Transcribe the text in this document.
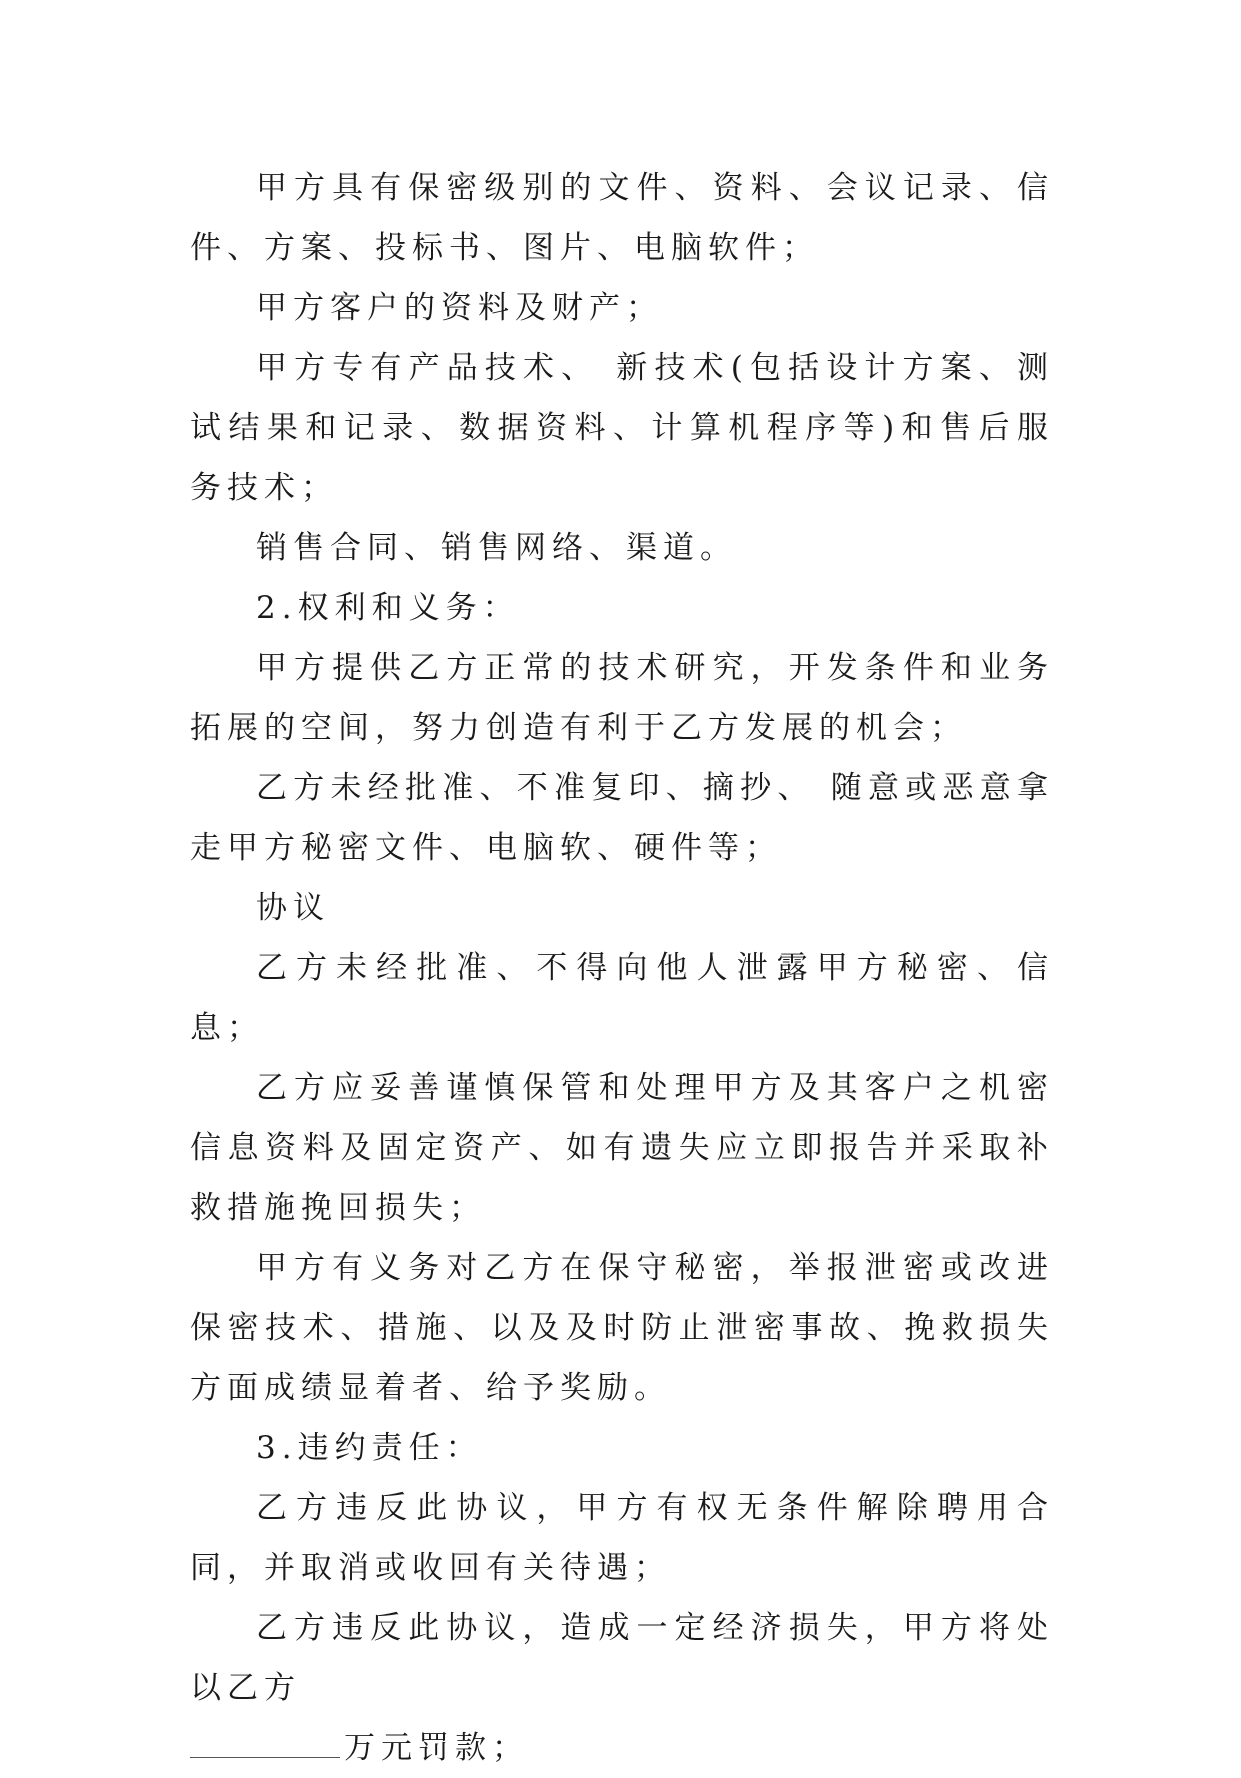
甲方具有保密级别的文件、资料、会议记录、信件、方案、投标书、图片、电脑软件；

甲方客户的资料及财产；

甲方专有产品技术、 新技术(包括设计方案、测试结果和记录、数据资料、计算机程序等)和售后服务技术；

销售合同、销售网络、渠道。

2.权利和义务：

甲方提供乙方正常的技术研究，开发条件和业务拓展的空间，努力创造有利于乙方发展的机会；

乙方未经批准、不准复印、摘抄、 随意或恶意拿走甲方秘密文件、电脑软、硬件等；

协议

乙方未经批准、不得向他人泄露甲方秘密、信息；

乙方应妥善谨慎保管和处理甲方及其客户之机密信息资料及固定资产、如有遗失应立即报告并采取补救措施挽回损失；

甲方有义务对乙方在保守秘密，举报泄密或改进保密技术、措施、以及及时防止泄密事故、挽救损失方面成绩显着者、给予奖励。

3.违约责任：

乙方违反此协议，甲方有权无条件解除聘用合同，并取消或收回有关待遇；

乙方违反此协议，造成一定经济损失，甲方将处以乙方

万元罚款；
